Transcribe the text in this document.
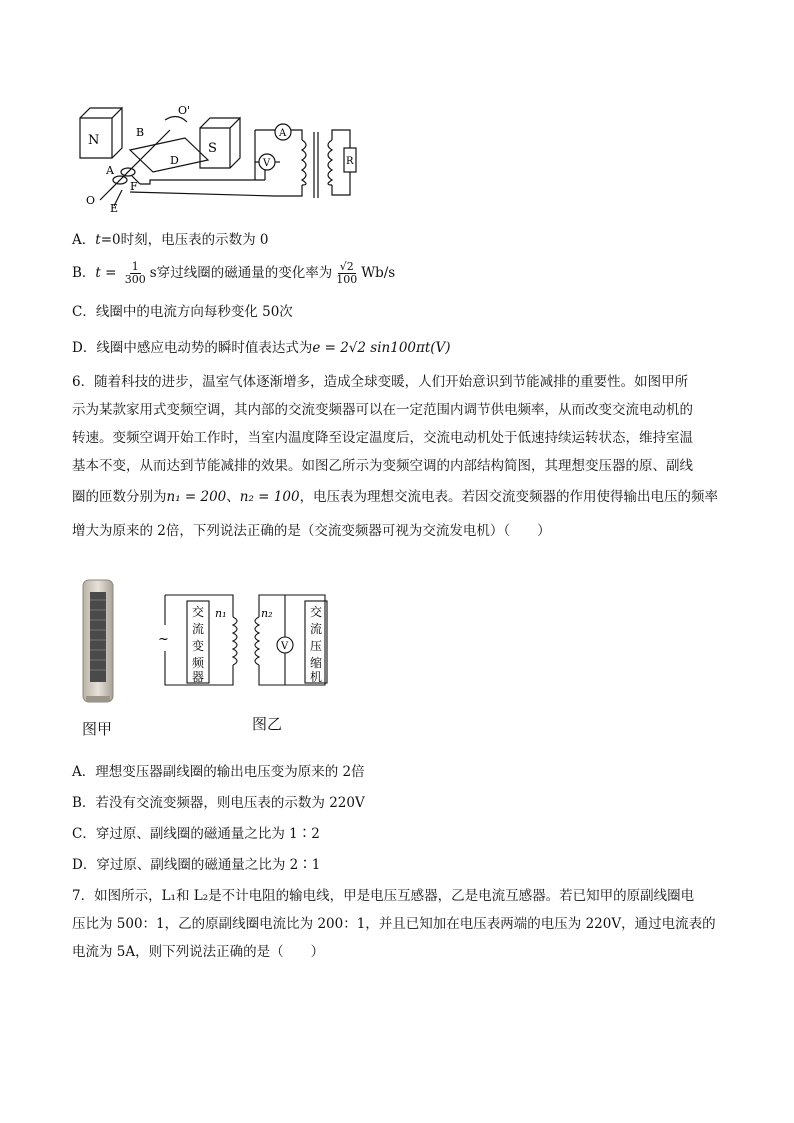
N
S
B
D
O'
A
F
O
E
A
V	R
A．t=0时刻，电压表的示数为 0
B．$t = \frac{1}{300}$ s穿过线圈的磁通量的变化率为 $\frac{√2}{100} Wb/s$
C．线圈中的电流方向每秒变化 50次
D．线圈中感应电动势的瞬时值表达式为e = 2√2 sin100πt(V)
6．随着科技的进步，温室气体逐渐增多，造成全球变暖，人们开始意识到节能减排的重要性。如图甲所
示为某款家用式变频空调，其内部的交流变频器可以在一定范围内调节供电频率，从而改变交流电动机的
转速。变频空调开始工作时，当室内温度降至设定温度后，交流电动机处于低速持续运转状态，维持室温
基本不变，从而达到节能减排的效果。如图乙所示为变频空调的内部结构简图，其理想变压器的原、副线
圈的匝数分别为n₁ = 200、n₂ = 100，电压表为理想交流电表。若因交流变频器的作用使得输出电压的频率
增大为原来的 2倍，下列说法正确的是（交流变频器可视为交流发电机）（　　）
图甲
~
交
流
变
频
器
交
流
压
缩
机
n₁	n₂
V
图乙
A．理想变压器副线圈的输出电压变为原来的 2倍
B．若没有交流变频器，则电压表的示数为 220V
C．穿过原、副线圈的磁通量之比为 1∶2
D．穿过原、副线圈的磁通量之比为 2∶1
7．如图所示，L₁和 L₂是不计电阻的输电线，甲是电压互感器，乙是电流互感器。若已知甲的原副线圈电
压比为 500：1，乙的原副线圈电流比为 200：1，并且已知加在电压表两端的电压为 220V，通过电流表的
电流为 5A，则下列说法正确的是（　　）
